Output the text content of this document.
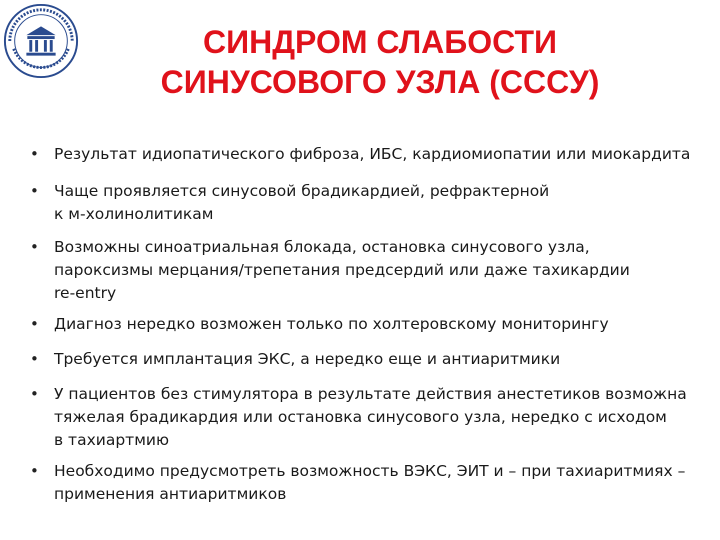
СИНДРОМ СЛАБОСТИ
СИНУСОВОГО УЗЛА (СССУ)
• Результат идиопатического фиброза, ИБС, кардиомиопатии или миокардита
• Чаще проявляется синусовой брадикардией, рефрактерной
к м-холинолитикам
• Возможны синоатриальная блокада, остановка синусового узла,
пароксизмы мерцания/трепетания предсердий или даже тахикардии
re-entry
• Диагноз нередко возможен только по холтеровскому мониторингу
• Требуется имплантация ЭКС, а нередко еще и антиаритмики
• У пациентов без стимулятора в результате действия анестетиков возможна
тяжелая брадикардия или остановка синусового узла, нередко с исходом
в тахиартмию
• Необходимо предусмотреть возможность ВЭКС, ЭИТ и – при тахиаритмиях –
применения антиаритмиков
